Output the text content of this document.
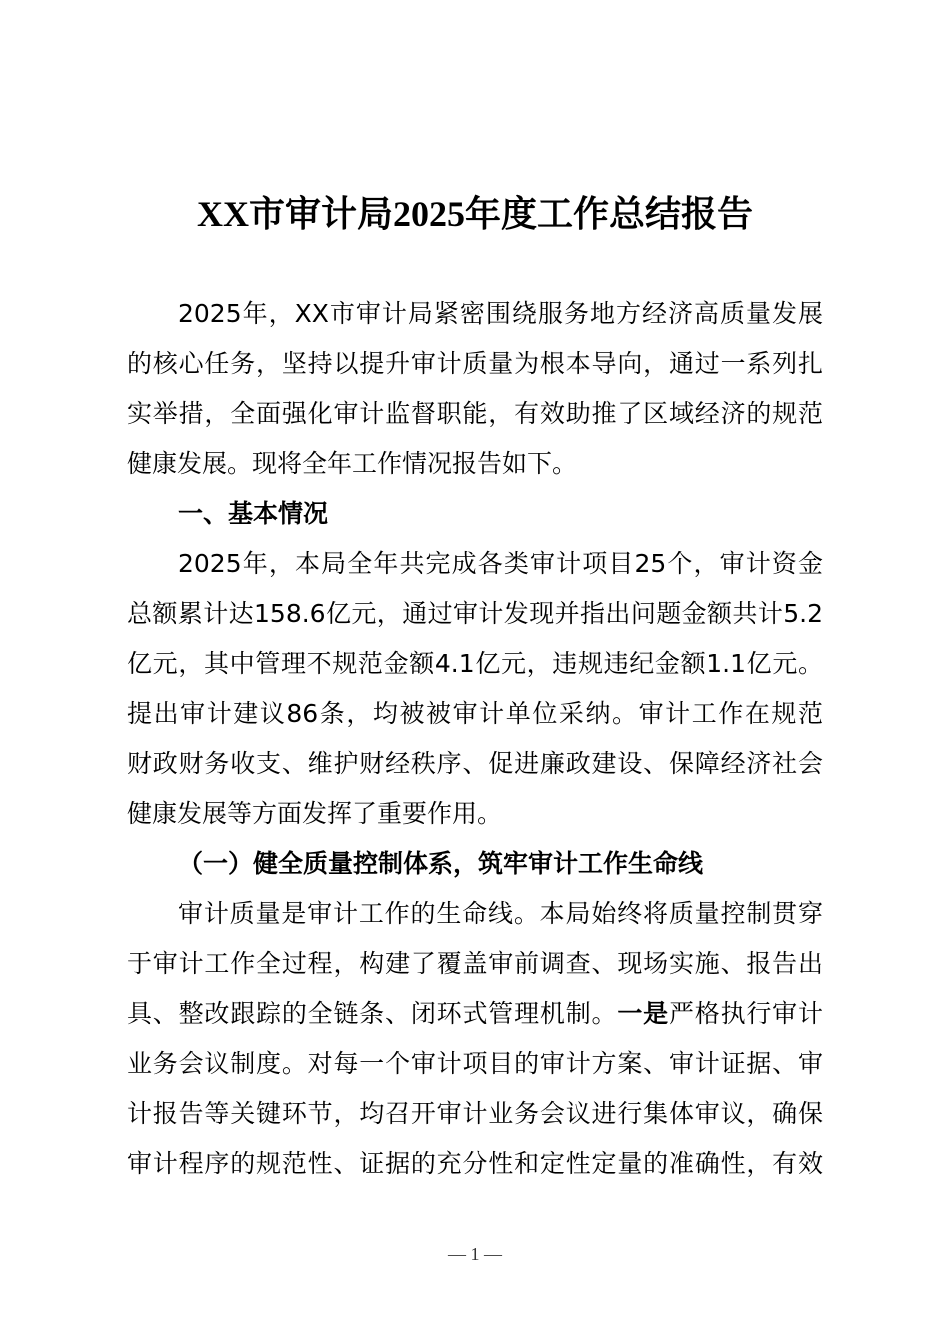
XX市审计局2025年度工作总结报告
2025年，XX市审计局紧密围绕服务地方经济高质量发展
的核心任务，坚持以提升审计质量为根本导向，通过一系列扎
实举措，全面强化审计监督职能，有效助推了区域经济的规范
健康发展。现将全年工作情况报告如下。
一、基本情况
2025年，本局全年共完成各类审计项目25个，审计资金
总额累计达158.6亿元，通过审计发现并指出问题金额共计5.2
亿元，其中管理不规范金额4.1亿元，违规违纪金额1.1亿元。
提出审计建议86条，均被被审计单位采纳。审计工作在规范
财政财务收支、维护财经秩序、促进廉政建设、保障经济社会
健康发展等方面发挥了重要作用。
（一）健全质量控制体系，筑牢审计工作生命线
审计质量是审计工作的生命线。本局始终将质量控制贯穿
于审计工作全过程，构建了覆盖审前调查、现场实施、报告出
具、整改跟踪的全链条、闭环式管理机制。一是严格执行审计
业务会议制度。对每一个审计项目的审计方案、审计证据、审
计报告等关键环节，均召开审计业务会议进行集体审议，确保
审计程序的规范性、证据的充分性和定性定量的准确性，有效
— 1 —
